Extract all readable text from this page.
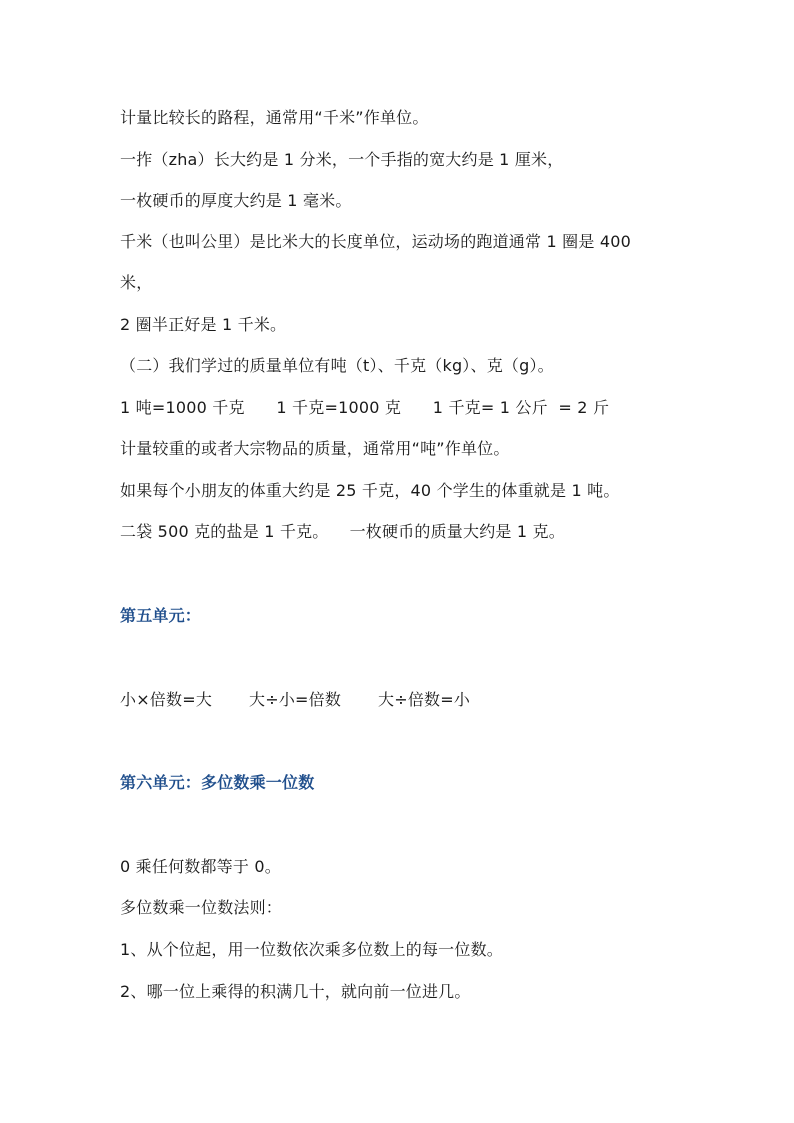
计量比较长的路程，通常用“千米”作单位。
一拃（zha）长大约是 1 分米，一个手指的宽大约是 1 厘米，
一枚硬币的厚度大约是 1 毫米。
千米（也叫公里）是比米大的长度单位，运动场的跑道通常 1 圈是 400
米，
2 圈半正好是 1 千米。
（二）我们学过的质量单位有吨（t）、千克（kg）、克（g）。
1 吨=1000 千克      1 千克=1000 克      1 千克= 1 公斤  = 2 斤
计量较重的或者大宗物品的质量，通常用“吨”作单位。
如果每个小朋友的体重大约是 25 千克，40 个学生的体重就是 1 吨。
二袋 500 克的盐是 1 千克。    一枚硬币的质量大约是 1 克。
第五单元：
小×倍数=大       大÷小=倍数       大÷倍数=小
第六单元：多位数乘一位数
0 乘任何数都等于 0。
多位数乘一位数法则：
1、从个位起，用一位数依次乘多位数上的每一位数。
2、哪一位上乘得的积满几十，就向前一位进几。
